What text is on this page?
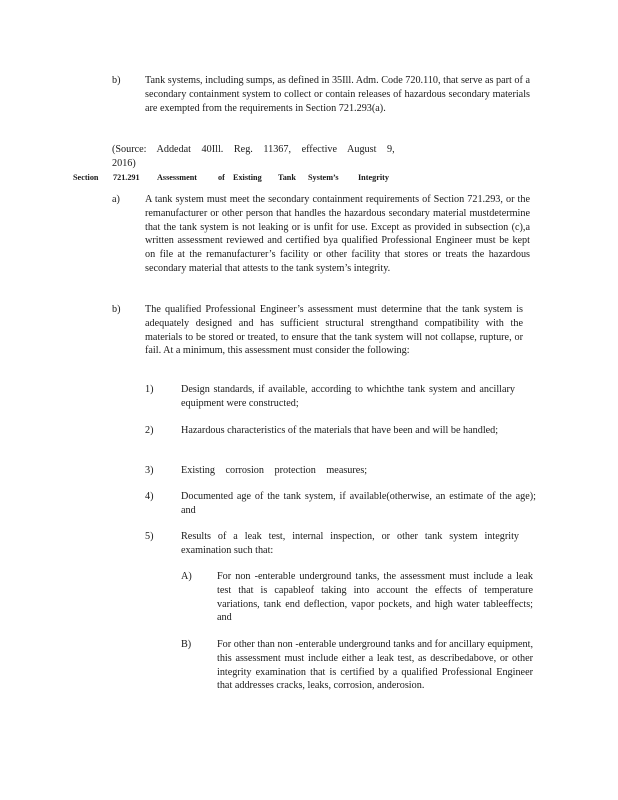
b) Tank systems, including sumps, as defined in 35Ill. Adm. Code 720.110, that serve as part of a secondary containment system to collect or contain releases of hazardous secondary materials are exempted from the requirements in Section 721.293(a).
(Source: Addedat 40Ill. Reg. 11367, effective August 9, 2016)
Section 721.291 Assessment	of Existing Tank System’s Integrity
a) A tank system must meet the secondary containment requirements of Section 721.293, or the remanufacturer or other person that handles the hazardous secondary material mustdetermine that the tank system is not leaking or is unfit for use. Except as provided in subsection (c),a written assessment reviewed and certified bya qualified Professional Engineer must be kept on file at the remanufacturer’s facility or other facility that stores or treats the hazardous secondary material that attests to the tank system’s integrity.
b) The qualified Professional Engineer’s assessment must determine that the tank system is adequately designed and has sufficient structural strengthand compatibility with the materials to be stored or treated, to ensure that the tank system will not collapse, rupture, or fail. At a minimum, this assessment must consider the following:
1)	Design standards, if available, according to whichthe tank system and ancillary equipment were constructed;
2)	Hazardous characteristics of the materials that have been and will be handled;
3)	Existing corrosion protection measures;
4)	Documented age of the tank system, if available(otherwise, an estimate of the age); and
5)	Results of a leak test, internal inspection, or other tank system integrity examination such that:
A) For non -enterable underground tanks, the assessment must include a leak test that is capableof taking into account the effects of temperature variations, tank end deflection, vapor pockets, and high water tableeffects; and
B)	For other than non -enterable underground tanks and for ancillary equipment, this assessment must include either a leak test, as describedabove, or other integrity examination that is certified by a qualified Professional Engineer that addresses cracks, leaks, corrosion, anderosion.
